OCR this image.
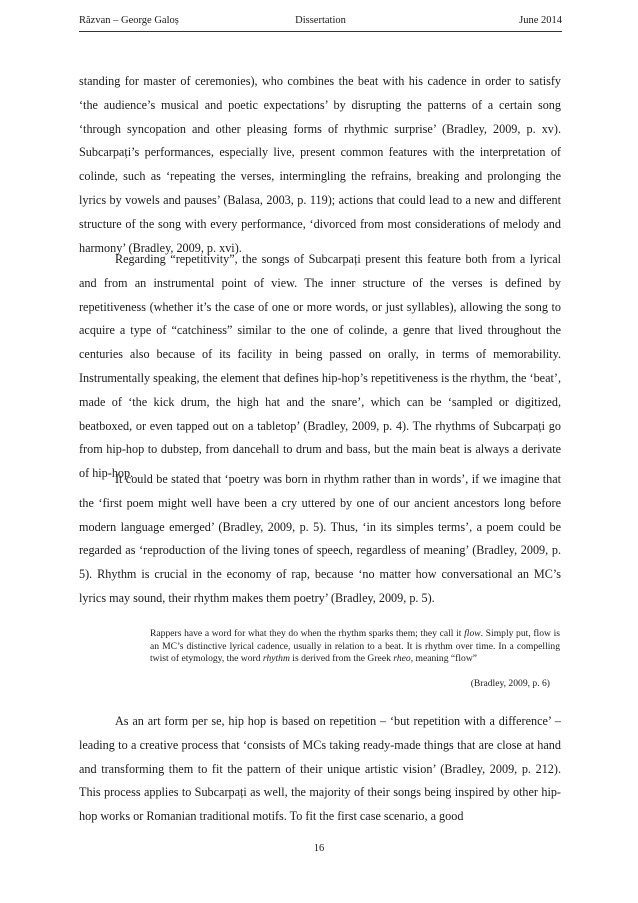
Răzvan – George Galoș	Dissertation	June 2014

standing for master of ceremonies), who combines the beat with his cadence in order to satisfy ‘the audience’s musical and poetic expectations’ by disrupting the patterns of a certain song ‘through syncopation and other pleasing forms of rhythmic surprise’ (Bradley, 2009, p. xv). Subcarpați’s performances, especially live, present common features with the interpretation of colinde, such as ‘repeating the verses, intermingling the refrains, breaking and prolonging the lyrics by vowels and pauses’ (Balasa, 2003, p. 119); actions that could lead to a new and different structure of the song with every performance, ‘divorced from most considerations of melody and harmony’ (Bradley, 2009, p. xvi).

Regarding “repetitivity”, the songs of Subcarpați present this feature both from a lyrical and from an instrumental point of view. The inner structure of the verses is defined by repetitiveness (whether it’s the case of one or more words, or just syllables), allowing the song to acquire a type of “catchiness” similar to the one of colinde, a genre that lived throughout the centuries also because of its facility in being passed on orally, in terms of memorability. Instrumentally speaking, the element that defines hip-hop’s repetitiveness is the rhythm, the ‘beat’, made of ‘the kick drum, the high hat and the snare’, which can be ‘sampled or digitized, beatboxed, or even tapped out on a tabletop’ (Bradley, 2009, p. 4). The rhythms of Subcarpați go from hip-hop to dubstep, from dancehall to drum and bass, but the main beat is always a derivate of hip-hop.

It could be stated that ‘poetry was born in rhythm rather than in words’, if we imagine that the ‘first poem might well have been a cry uttered by one of our ancient ancestors long before modern language emerged’ (Bradley, 2009, p. 5). Thus, ‘in its simples terms’, a poem could be regarded as ‘reproduction of the living tones of speech, regardless of meaning’ (Bradley, 2009, p. 5). Rhythm is crucial in the economy of rap, because ‘no matter how conversational an MC’s lyrics may sound, their rhythm makes them poetry’ (Bradley, 2009, p. 5).

Rappers have a word for what they do when the rhythm sparks them; they call it flow. Simply put, flow is an MC’s distinctive lyrical cadence, usually in relation to a beat. It is rhythm over time. In a compelling twist of etymology, the word rhythm is derived from the Greek rheo, meaning “flow”

(Bradley, 2009, p. 6)

As an art form per se, hip hop is based on repetition – ‘but repetition with a difference’ – leading to a creative process that ‘consists of MCs taking ready-made things that are close at hand and transforming them to fit the pattern of their unique artistic vision’ (Bradley, 2009, p. 212). This process applies to Subcarpați as well, the majority of their songs being inspired by other hip-hop works or Romanian traditional motifs. To fit the first case scenario, a good

16
